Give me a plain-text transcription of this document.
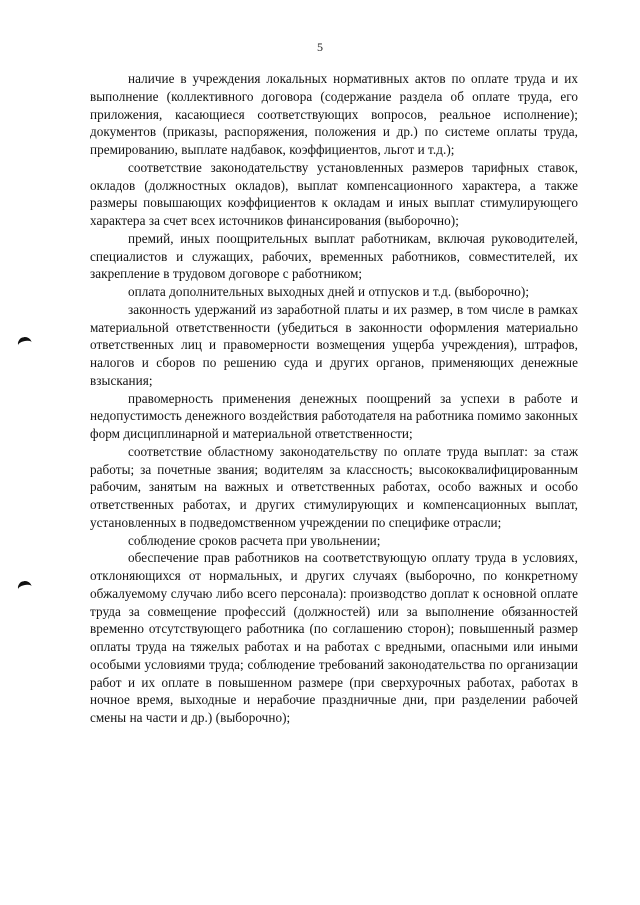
5

наличие в учреждения локальных нормативных актов по оплате труда и их выполнение (коллективного договора (содержание раздела об оплате труда, его приложения, касающиеся соответствующих вопросов, реальное исполнение); документов (приказы, распоряжения, положения и др.) по системе оплаты труда, премированию, выплате надбавок, коэффициентов, льгот и т.д.);

соответствие законодательству установленных размеров тарифных ставок, окладов (должностных окладов), выплат компенсационного характера, а также размеры повышающих коэффициентов к окладам и иных выплат стимулирующего характера за счет всех источников финансирования (выборочно);

премий, иных поощрительных выплат работникам, включая руководителей, специалистов и служащих, рабочих, временных работников, совместителей, их закрепление в трудовом договоре с работником;

оплата дополнительных выходных дней и отпусков и т.д. (выборочно);

законность удержаний из заработной платы и их размер, в том числе в рамках материальной ответственности (убедиться в законности оформления материально ответственных лиц и правомерности возмещения ущерба учреждения), штрафов, налогов и сборов по решению суда и других органов, применяющих денежные взыскания;

правомерность применения денежных поощрений за успехи в работе и недопустимость денежного воздействия работодателя на работника помимо законных форм дисциплинарной и материальной ответственности;

соответствие областному законодательству по оплате труда выплат: за стаж работы; за почетные звания; водителям за классность; высококвалифицированным рабочим, занятым на важных и ответственных работах, особо важных и особо ответственных работах, и других стимулирующих и компенсационных выплат, установленных в подведомственном учреждении по специфике отрасли;

соблюдение сроков расчета при увольнении;

обеспечение прав работников на соответствующую оплату труда в условиях, отклоняющихся от нормальных, и других случаях (выборочно, по конкретному обжалуемому случаю либо всего персонала): производство доплат к основной оплате труда за совмещение профессий (должностей) или за выполнение обязанностей временно отсутствующего работника (по соглашению сторон); повышенный размер оплаты труда на тяжелых работах и на работах с вредными, опасными или иными особыми условиями труда; соблюдение требований законодательства по организации работ и их оплате в повышенном размере (при сверхурочных работах, работах в ночное время, выходные и нерабочие праздничные дни, при разделении рабочей смены на части и др.) (выборочно);
